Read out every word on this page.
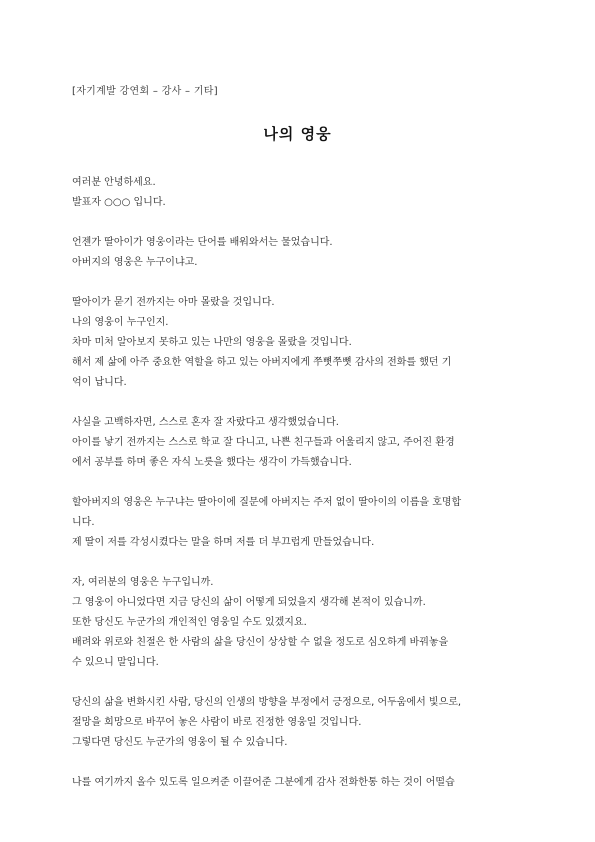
[자기계발 강연회 – 강사 – 기타]
나의 영웅
여러분 안녕하세요.
발표자 ○○○ 입니다.
언젠가 딸아이가 영웅이라는 단어를 배워와서는 물었습니다.
아버지의 영웅은 누구이냐고.
딸아이가 묻기 전까지는 아마 몰랐을 것입니다.
나의 영웅이 누구인지.
차마 미처 알아보지 못하고 있는 나만의 영웅을 몰랐을 것입니다.
해서 제 삶에 아주 중요한 역할을 하고 있는 아버지에게 쭈뼛쭈뼛 감사의 전화를 했던 기
억이 납니다.
사실을 고백하자면, 스스로 혼자 잘 자랐다고 생각했었습니다.
아이를 낳기 전까지는 스스로 학교 잘 다니고, 나쁜 친구들과 어울리지 않고, 주어진 환경
에서 공부를 하며 좋은 자식 노릇을 했다는 생각이 가득했습니다.
할아버지의 영웅은 누구냐는 딸아이에 질문에 아버지는 주저 없이 딸아이의 이름을 호명합
니다.
제 딸이 저를 각성시켰다는 말을 하며 저를 더 부끄럽게 만들었습니다.
자, 여러분의 영웅은 누구입니까.
그 영웅이 아니었다면 지금 당신의 삶이 어떻게 되었을지 생각해 본적이 있습니까.
또한 당신도 누군가의 개인적인 영웅일 수도 있겠지요.
배려와 위로와 친절은 한 사람의 삶을 당신이 상상할 수 없을 정도로 심오하게 바꿔놓을
수 있으니 말입니다.
당신의 삶을 변화시킨 사람, 당신의 인생의 방향을 부정에서 긍정으로, 어두움에서 빛으로,
절망을 희망으로 바꾸어 놓은 사람이 바로 진정한 영웅일 것입니다.
그렇다면 당신도 누군가의 영웅이 될 수 있습니다.
나를 여기까지 올수 있도록 일으켜준 이끌어준 그분에게 감사 전화한통 하는 것이 어떨습
